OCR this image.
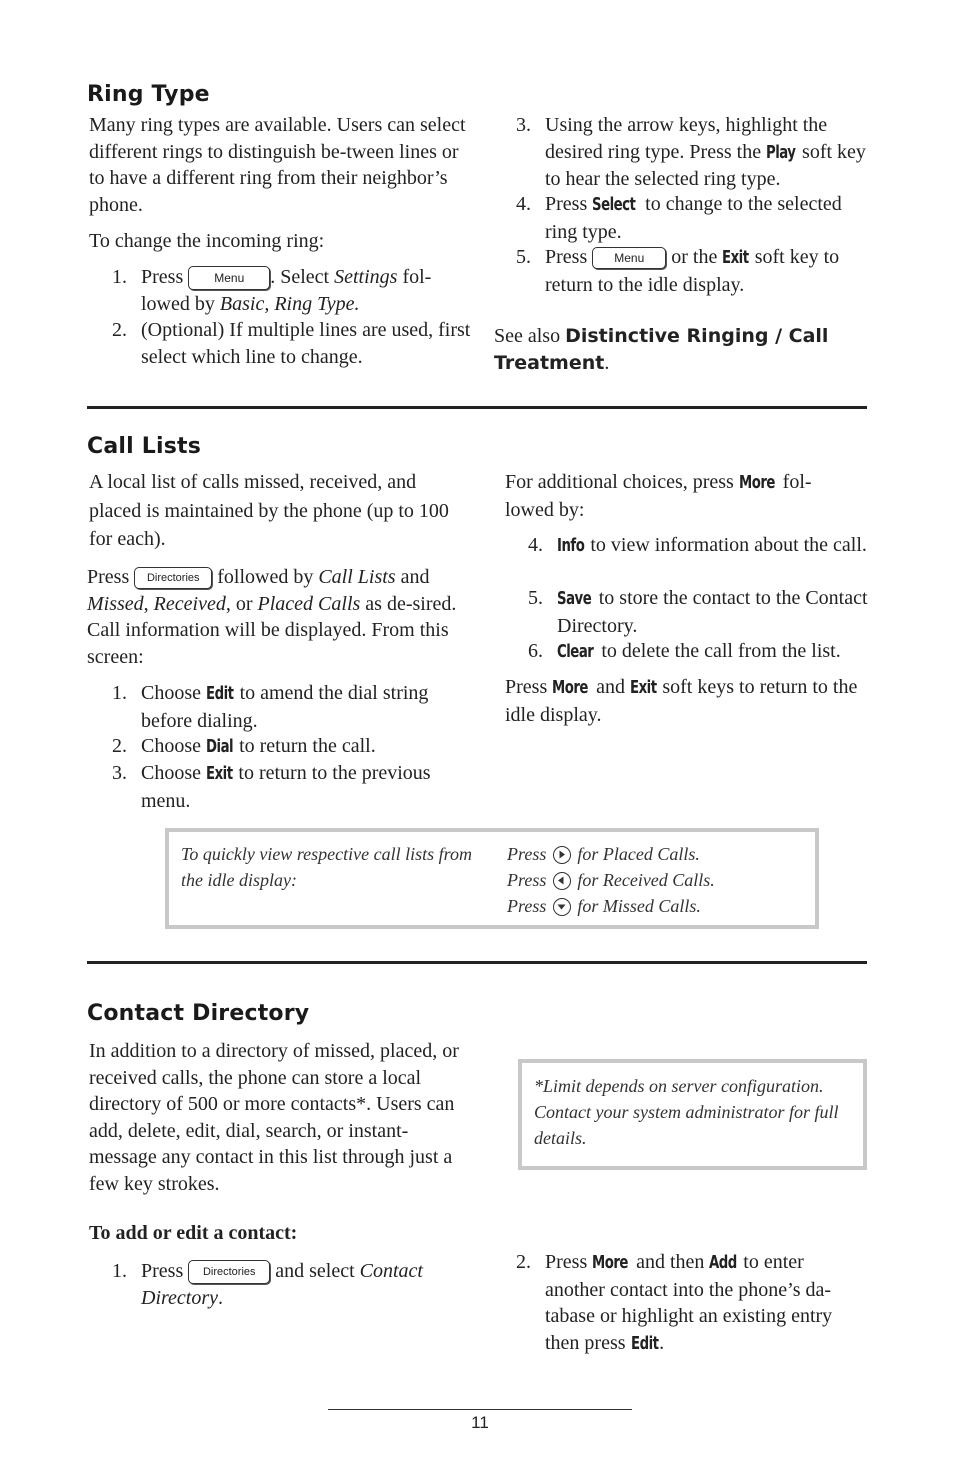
Ring Type
Many ring types are available. Users can select different rings to distinguish be-tween lines or to have a different ring from their neighbor’s phone.
To change the incoming ring:
1. Press Menu . Select Settings fol-lowed by Basic, Ring Type.
2. (Optional) If multiple lines are used, first select which line to change.
3. Using the arrow keys, highlight the desired ring type. Press the Play soft key to hear the selected ring type.
4. Press Select to change to the selected ring type.
5. Press Menu or the Exit soft key to return to the idle display.
See also Distinctive Ringing / Call Treatment.
Call Lists
A local list of calls missed, received, and placed is maintained by the phone (up to 100 for each).
Press Directories followed by Call Lists and Missed, Received, or Placed Calls as de-sired. Call information will be displayed. From this screen:
1. Choose Edit to amend the dial string before dialing.
2. Choose Dial to return the call.
3. Choose Exit to return to the previous menu.
For additional choices, press More fol-lowed by:
4. Info to view information about the call.
5. Save to store the contact to the Contact Directory.
6. Clear to delete the call from the list.
Press More and Exit soft keys to return to the idle display.
To quickly view respective call lists from the idle display:
Press for Placed Calls.
Press for Received Calls.
Press for Missed Calls.
Contact Directory
In addition to a directory of missed, placed, or received calls, the phone can store a local directory of 500 or more contacts*. Users can add, delete, edit, dial, search, or instant-message any contact in this list through just a few key strokes.
*Limit depends on server configuration. Contact your system administrator for full details.
To add or edit a contact:
1. Press Directories and select Contact Directory.
2. Press More and then Add to enter another contact into the phone’s da-tabase or highlight an existing entry then press Edit.
11
